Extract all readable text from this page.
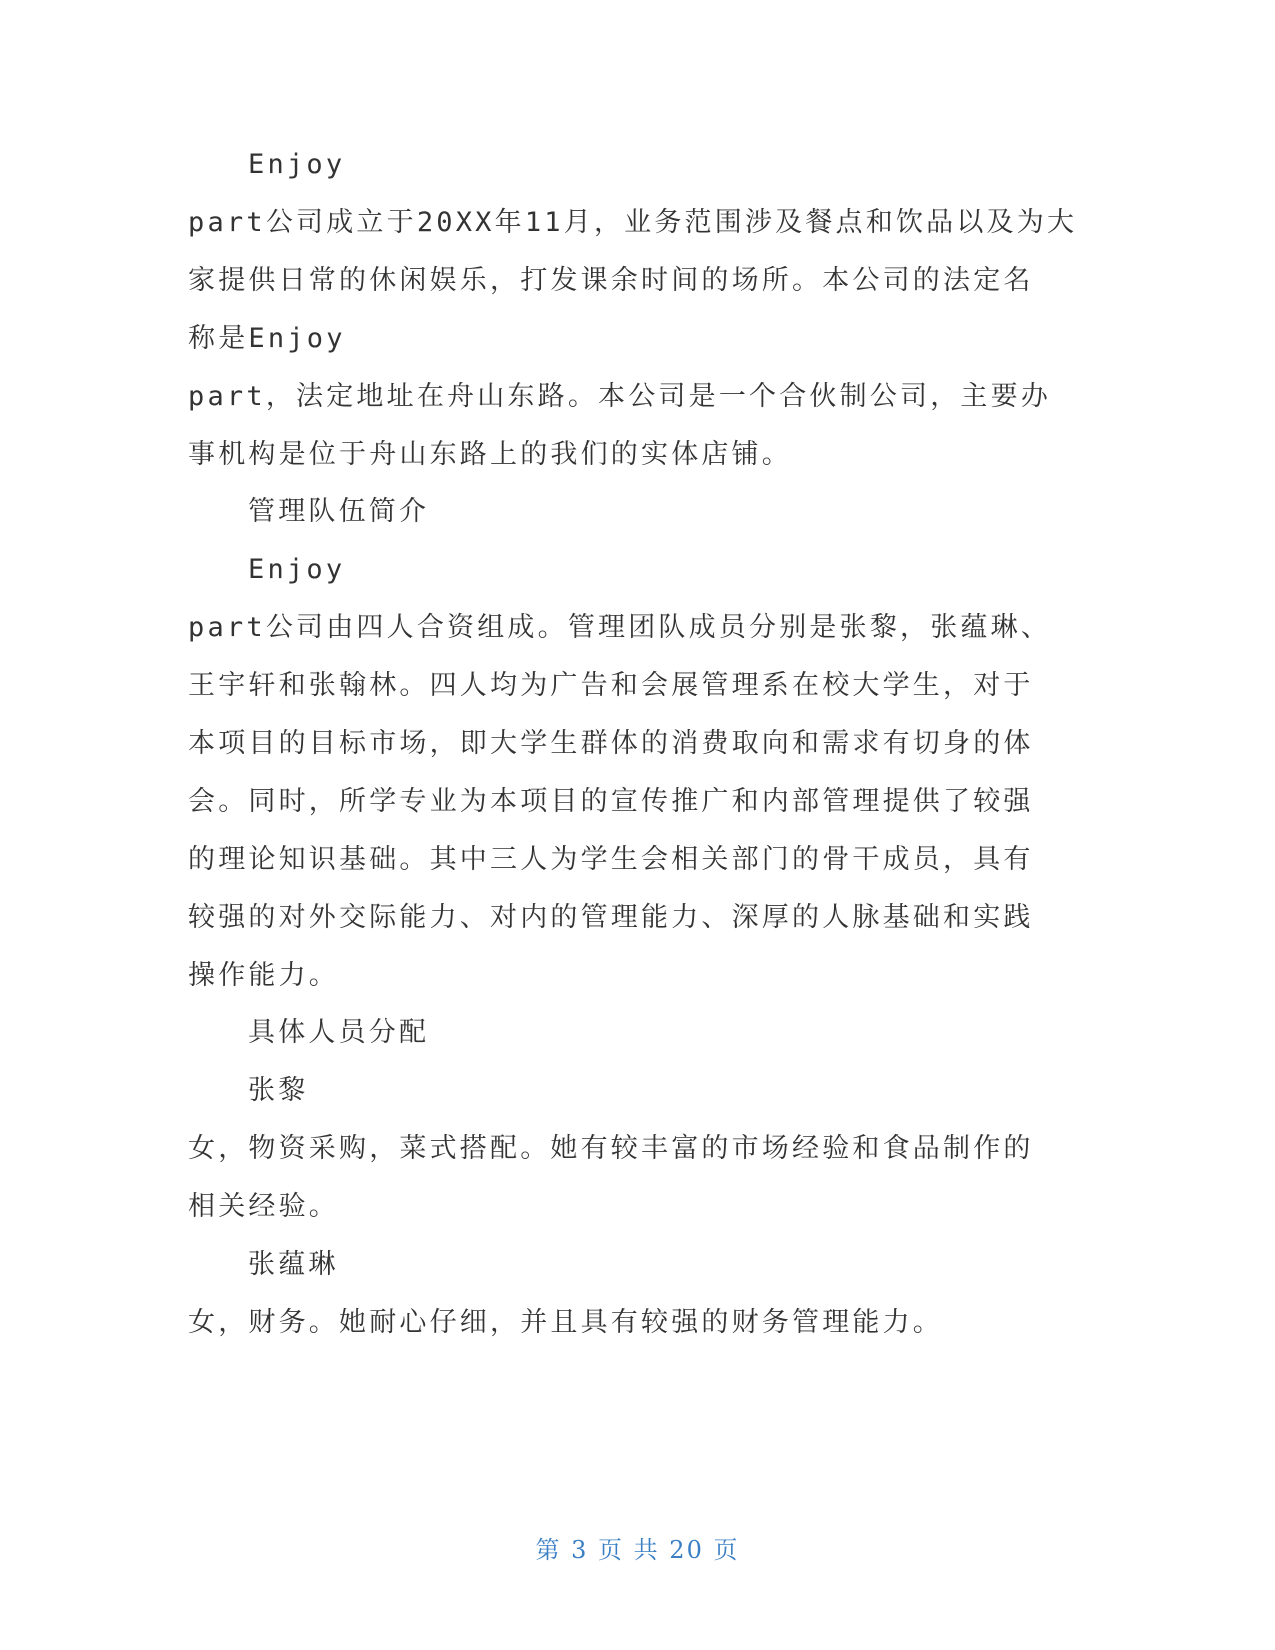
Enjoy
part公司成立于20XX年11月，业务范围涉及餐点和饮品以及为大
家提供日常的休闲娱乐，打发课余时间的场所。本公司的法定名
称是Enjoy
part，法定地址在舟山东路。本公司是一个合伙制公司，主要办
事机构是位于舟山东路上的我们的实体店铺。
管理队伍简介
Enjoy
part公司由四人合资组成。管理团队成员分别是张黎，张蕴琳、
王宇轩和张翰林。四人均为广告和会展管理系在校大学生，对于
本项目的目标市场，即大学生群体的消费取向和需求有切身的体
会。同时，所学专业为本项目的宣传推广和内部管理提供了较强
的理论知识基础。其中三人为学生会相关部门的骨干成员，具有
较强的对外交际能力、对内的管理能力、深厚的人脉基础和实践
操作能力。
具体人员分配
张黎
女，物资采购，菜式搭配。她有较丰富的市场经验和食品制作的
相关经验。
张蕴琳
女，财务。她耐心仔细，并且具有较强的财务管理能力。
第 3 页 共 20 页
